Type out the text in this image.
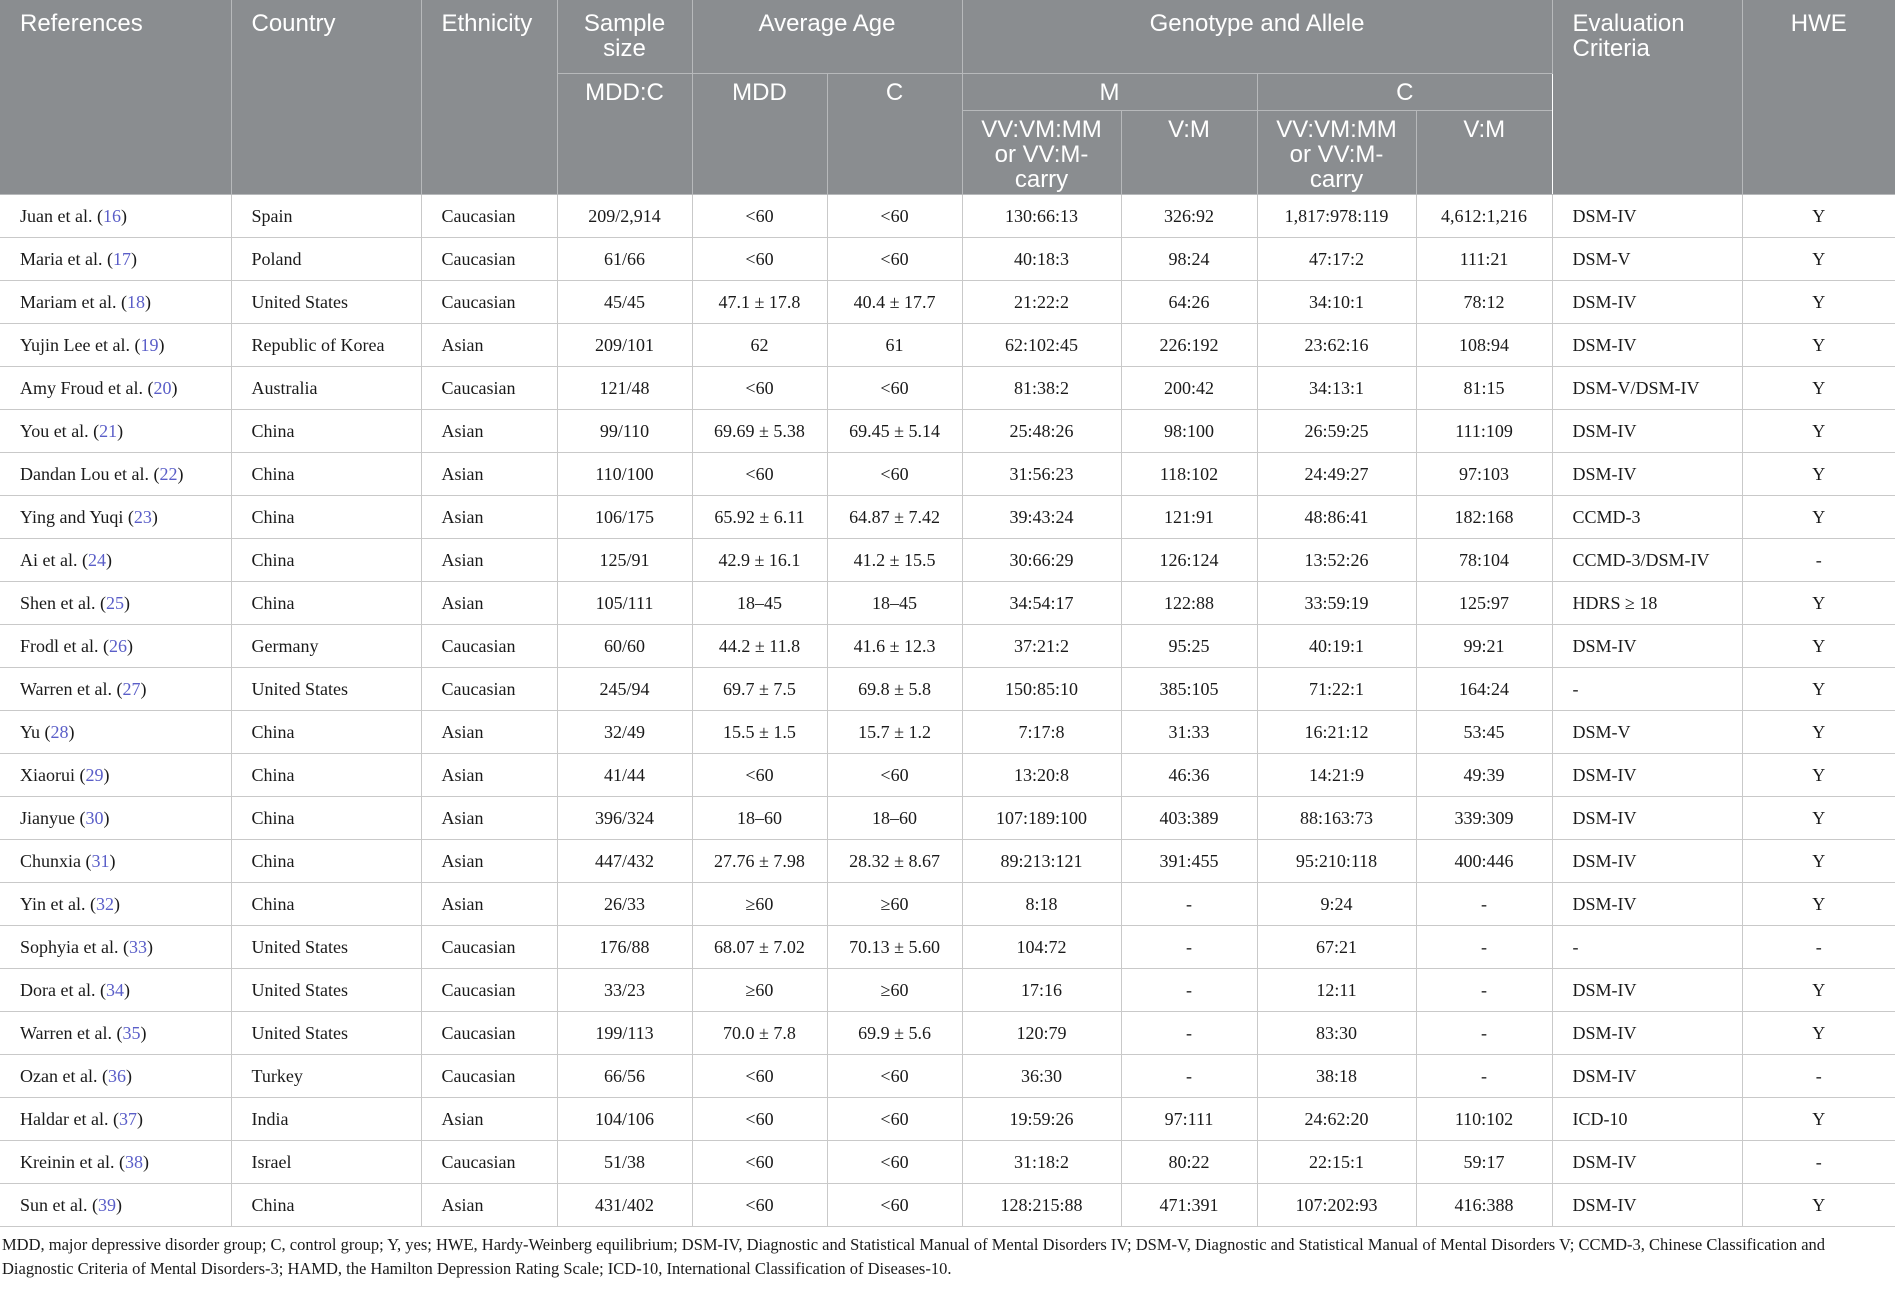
References	Country	Ethnicity	Sample size	Average Age		Genotype and Allele				Evaluation Criteria	HWE
			MDD:C	MDD	C	M		C			
						VV:VM:MM or VV:M-carry	V:M	VV:VM:MM or VV:M-carry	V:M		
Juan et al. (16)	Spain	Caucasian	209/2,914	<60	<60	130:66:13	326:92	1,817:978:119	4,612:1,216	DSM-IV	Y
Maria et al. (17)	Poland	Caucasian	61/66	<60	<60	40:18:3	98:24	47:17:2	111:21	DSM-V	Y
Mariam et al. (18)	United States	Caucasian	45/45	47.1 ± 17.8	40.4 ± 17.7	21:22:2	64:26	34:10:1	78:12	DSM-IV	Y
Yujin Lee et al. (19)	Republic of Korea	Asian	209/101	62	61	62:102:45	226:192	23:62:16	108:94	DSM-IV	Y
Amy Froud et al. (20)	Australia	Caucasian	121/48	<60	<60	81:38:2	200:42	34:13:1	81:15	DSM-V/DSM-IV	Y
You et al. (21)	China	Asian	99/110	69.69 ± 5.38	69.45 ± 5.14	25:48:26	98:100	26:59:25	111:109	DSM-IV	Y
Dandan Lou et al. (22)	China	Asian	110/100	<60	<60	31:56:23	118:102	24:49:27	97:103	DSM-IV	Y
Ying and Yuqi (23)	China	Asian	106/175	65.92 ± 6.11	64.87 ± 7.42	39:43:24	121:91	48:86:41	182:168	CCMD-3	Y
Ai et al. (24)	China	Asian	125/91	42.9 ± 16.1	41.2 ± 15.5	30:66:29	126:124	13:52:26	78:104	CCMD-3/DSM-IV	-
Shen et al. (25)	China	Asian	105/111	18–45	18–45	34:54:17	122:88	33:59:19	125:97	HDRS ≥ 18	Y
Frodl et al. (26)	Germany	Caucasian	60/60	44.2 ± 11.8	41.6 ± 12.3	37:21:2	95:25	40:19:1	99:21	DSM-IV	Y
Warren et al. (27)	United States	Caucasian	245/94	69.7 ± 7.5	69.8 ± 5.8	150:85:10	385:105	71:22:1	164:24	-	Y
Yu (28)	China	Asian	32/49	15.5 ± 1.5	15.7 ± 1.2	7:17:8	31:33	16:21:12	53:45	DSM-V	Y
Xiaorui (29)	China	Asian	41/44	<60	<60	13:20:8	46:36	14:21:9	49:39	DSM-IV	Y
Jianyue (30)	China	Asian	396/324	18–60	18–60	107:189:100	403:389	88:163:73	339:309	DSM-IV	Y
Chunxia (31)	China	Asian	447/432	27.76 ± 7.98	28.32 ± 8.67	89:213:121	391:455	95:210:118	400:446	DSM-IV	Y
Yin et al. (32)	China	Asian	26/33	≥60	≥60	8:18	-	9:24	-	DSM-IV	Y
Sophyia et al. (33)	United States	Caucasian	176/88	68.07 ± 7.02	70.13 ± 5.60	104:72	-	67:21	-	-	-
Dora et al. (34)	United States	Caucasian	33/23	≥60	≥60	17:16	-	12:11	-	DSM-IV	Y
Warren et al. (35)	United States	Caucasian	199/113	70.0 ± 7.8	69.9 ± 5.6	120:79	-	83:30	-	DSM-IV	Y
Ozan et al. (36)	Turkey	Caucasian	66/56	<60	<60	36:30	-	38:18	-	DSM-IV	-
Haldar et al. (37)	India	Asian	104/106	<60	<60	19:59:26	97:111	24:62:20	110:102	ICD-10	Y
Kreinin et al. (38)	Israel	Caucasian	51/38	<60	<60	31:18:2	80:22	22:15:1	59:17	DSM-IV	-
Sun et al. (39)	China	Asian	431/402	<60	<60	128:215:88	471:391	107:202:93	416:388	DSM-IV	Y
MDD, major depressive disorder group; C, control group; Y, yes; HWE, Hardy-Weinberg equilibrium; DSM-IV, Diagnostic and Statistical Manual of Mental Disorders IV; DSM-V, Diagnostic and Statistical Manual of Mental Disorders V; CCMD-3, Chinese Classification and Diagnostic Criteria of Mental Disorders-3; HAMD, the Hamilton Depression Rating Scale; ICD-10, International Classification of Diseases-10.
